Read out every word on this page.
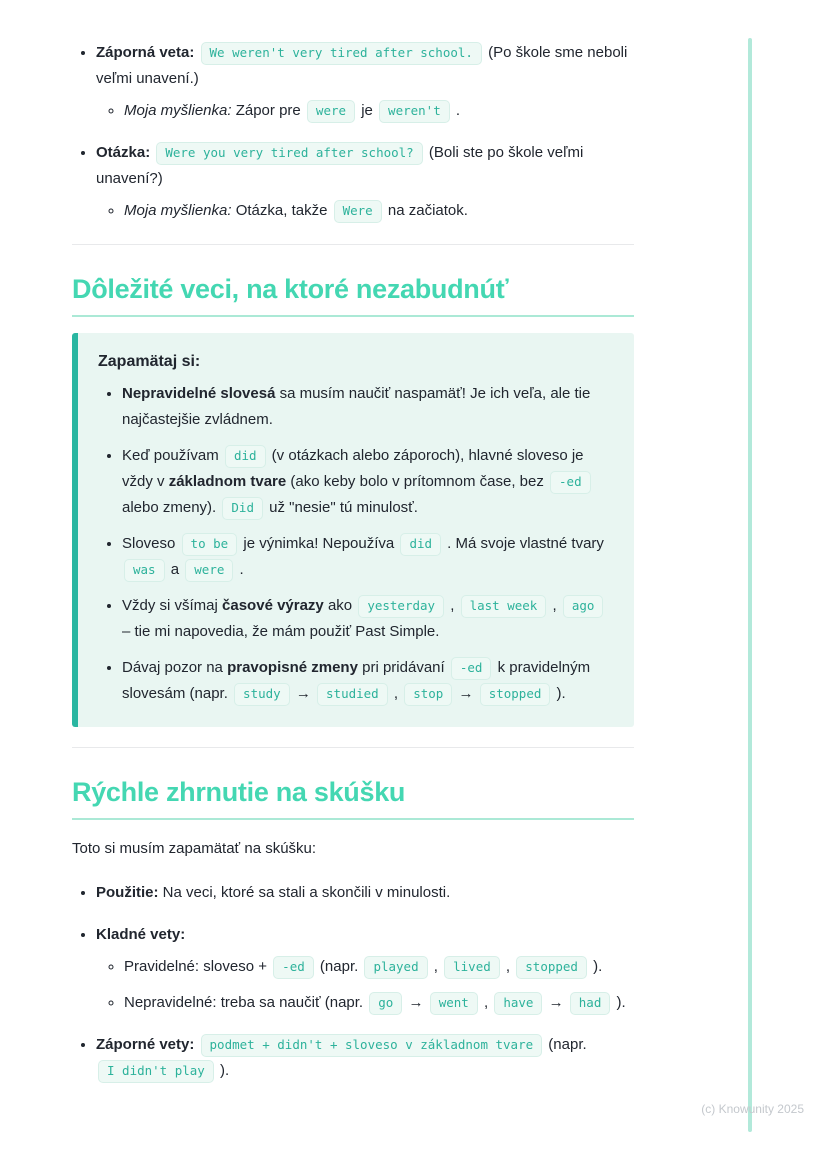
• Záporná veta: We weren't very tired after school. (Po škole sme neboli veľmi unavení.)
◦ Moja myšlienka: Zápor pre were je weren't .
• Otázka: Were you very tired after school? (Boli ste po škole veľmi unavení?)
◦ Moja myšlienka: Otázka, takže Were na začiatok.
Dôležité veci, na ktoré nezabudnúť

Zapamätaj si:

• Nepravidelné slovesá sa musím naučiť naspamäť! Je ich veľa, ale tie najčastejšie zvládnem.
• Keď používam did (v otázkach alebo záporoch), hlavné sloveso je vždy v základnom tvare (ako keby bolo v prítomnom čase, bez -ed alebo zmeny). Did už "nesie" tú minulosť.
• Sloveso to be je výnimka! Nepoužíva did . Má svoje vlastné tvary was a were .
• Vždy si všímaj časové výrazy ako yesterday , last week , ago – tie mi napovedia, že mám použiť Past Simple.
• Dávaj pozor na pravopisné zmeny pri pridávaní -ed k pravidelným slovesám (napr. study → studied , stop → stopped ).
Rýchle zhrnutie na skúšku

Toto si musím zapamätať na skúšku:

• Použitie: Na veci, ktoré sa stali a skončili v minulosti.
• Kladné vety:
◦ Pravidelné: sloveso + -ed (napr. played , lived , stopped ).
◦ Nepravidelné: treba sa naučiť (napr. go → went , have → had ).
• Záporné vety: podmet + didn't + sloveso v základnom tvare (napr. I didn't play ).
(c) Knowunity 2025
